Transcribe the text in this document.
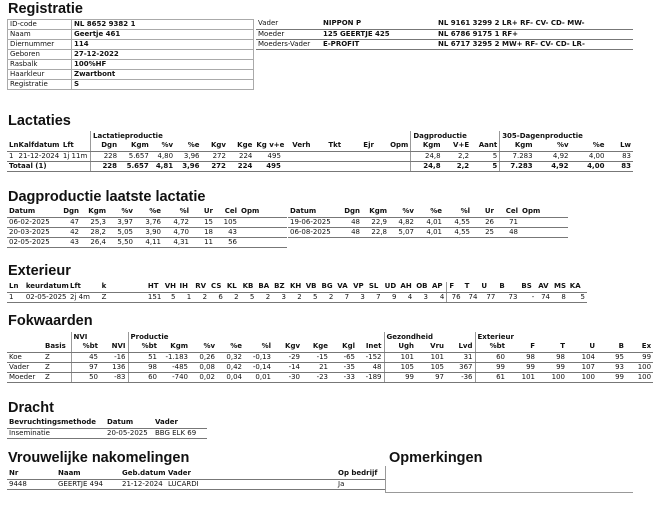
Registratie
ID-code	NL 8652 9382 1
Naam	Geertje 461
Diernummer	114
Geboren	27-12-2022
Rasbalk	100%HF
Haarkleur	Zwartbont
Registratie	S
Vader	NIPPON P	NL 9161 3299 2	LR+ RF- CV- CD- MW-
Moeder	125 GEERTJE 425	NL 6786 9175 1	RF+
Moeders-Vader	E-PROFIT	NL 6717 3295 2	MW+ RF- CV- CD- LR-
Lactaties
			Lactatieproductie											Dagproductie			305-Dagenproductie			
Ln	Kalfdatum	Lft	Dgn	Kgm	%v	%e	Kgv	Kge	Kg v+e	Verh	Tkt	Ejr	Opm	Kgm	V+E	Aant	Kgm	%v	%e	Lw
1	21-12-2024	1j 11m	228	5.657	4,80	3,96	272	224	495					24,8	2,2	5	7.283	4,92	4,00	83
Totaal (1)			228	5.657	4,81	3,96	272	224	495					24,8	2,2	5	7.283	4,92	4,00	83
Dagproductie laatste lactatie
Datum	Dgn	Kgm	%v	%e	%l	Ur	Cel	Opm
06-02-2025	47	25,3	3,97	3,76	4,72	15	105	
20-03-2025	42	28,2	5,05	3,90	4,70	18	43	
02-05-2025	43	26,4	5,50	4,11	4,31	11	56	
Datum	Dgn	Kgm	%v	%e	%l	Ur	Cel	Opm
19-06-2025	48	22,9	4,82	4,01	4,55	26	71	
06-08-2025	48	22,8	5,07	4,01	4,55	25	48	
Exterieur
Ln	keurdatum	Lft	k	HT	VH	IH	RV	CS	KL	KB	BA	BZ	KH	VB	BG	VA	VP	SL	UD	AH	OB	AP	F	T	U	B	BS	AV	MS	KA
1	02-05-2025	2j 4m	Z	151	5	1	2	6	2	5	2	3	2	5	2	7	3	7	9	4	3	4	76	74	77	73	-	74	8	5
Fokwaarden
		NVI		Productie									Gezondheid			Exterieur					
	Basis	%bt	NVI	%bt	Kgm	%v	%e	%l	Kgv	Kge	Kgl	Inet	Ugh	Vru	Lvd	%bt	F	T	U	B	Ex
Koe	Z	45	-16	51	-1.183	0,26	0,32	-0,13	-29	-15	-65	-152	101	101	31	60	98	98	104	95	99
Vader	Z	97	136	98	-485	0,08	0,42	-0,14	-14	21	-35	48	105	105	367	99	99	99	107	93	100
Moeder	Z	50	-83	60	-740	0,02	0,04	0,01	-30	-23	-33	-189	99	97	-36	61	101	100	100	99	100
Dracht
Bevruchtingsmethode	Datum	Vader
Inseminatie	20-05-2025	BBG ELK 69
Vrouwelijke nakomelingen
Nr	Naam	Geb.datum	Vader	Op bedrijf
9448	GEERTJE 494	21-12-2024	LUCARDI	Ja
Opmerkingen
